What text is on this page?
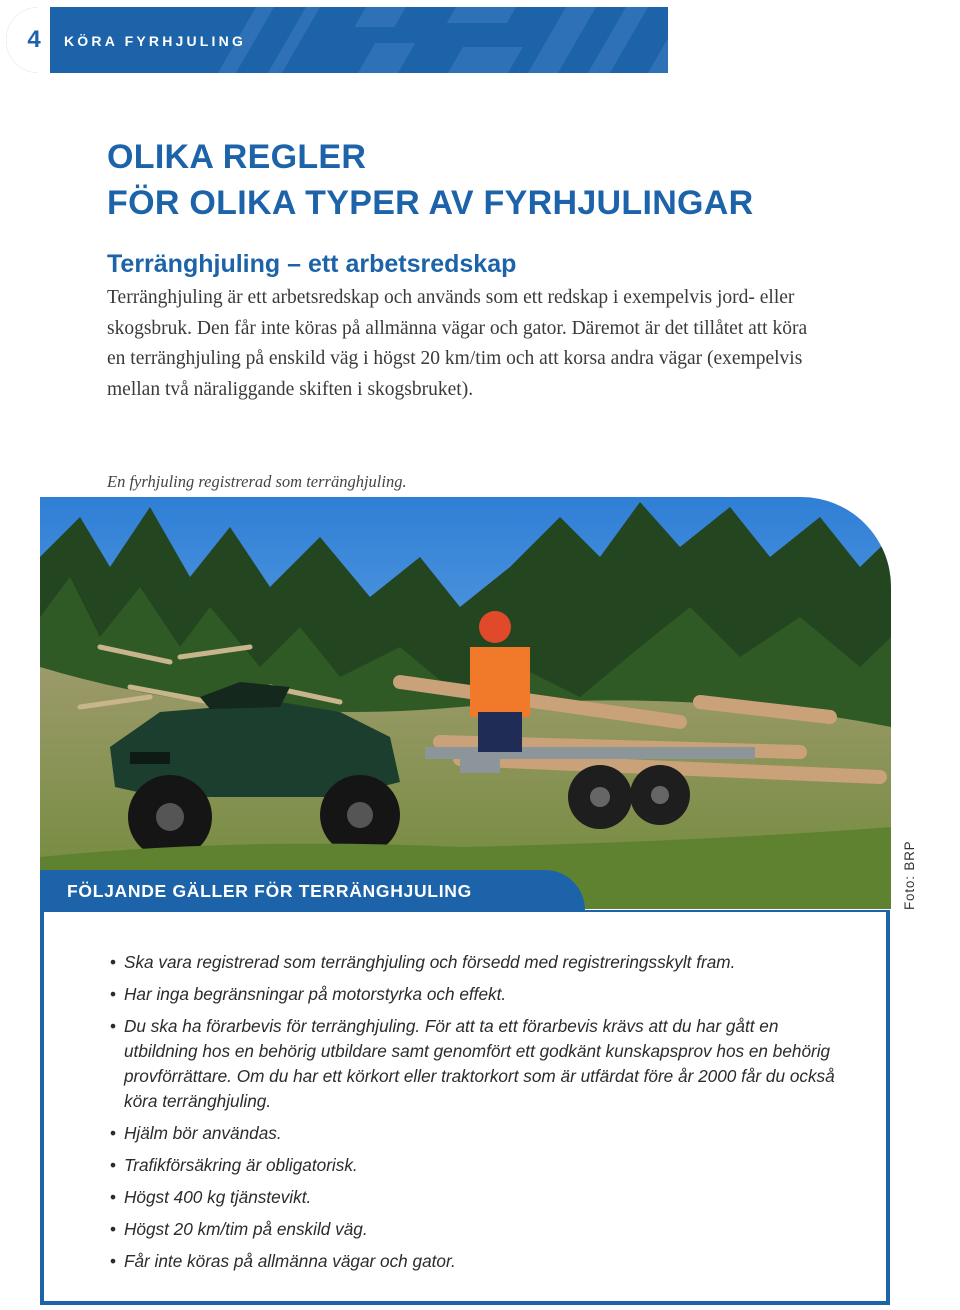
4 KÖRA FYRHJULING
OLIKA REGLER
FÖR OLIKA TYPER AV FYRHJULINGAR
Terränghjuling – ett arbetsredskap

Terränghjuling är ett arbetsredskap och används som ett redskap i exempelvis jord- eller skogsbruk. Den får inte köras på allmänna vägar och gator. Däremot är det tillåtet att köra en terränghjuling på enskild väg i högst 20 km/tim och att korsa andra vägar (exempelvis mellan två näraliggande skiften i skogsbruket).

En fyrhjuling registrerad som terränghjuling.

Foto: BRP
• Ska vara registrerad som terränghjuling och försedd med registreringsskylt fram.
• Har inga begränsningar på motorstyrka och effekt.
• Du ska ha förarbevis för terränghjuling. För att ta ett förarbevis krävs att du har gått en utbildning hos en behörig utbildare samt genomfört ett godkänt kunskapsprov hos en behörig provförrättare. Om du har ett körkort eller traktorkort som är utfärdat före år 2000 får du också köra terränghjuling.
• Hjälm bör användas.
• Trafikförsäkring är obligatorisk.
• Högst 400 kg tjänstevikt.
• Högst 20 km/tim på enskild väg.
• Får inte köras på allmänna vägar och gator.
FÖLJANDE GÄLLER FÖR TERRÄNGHJULING
